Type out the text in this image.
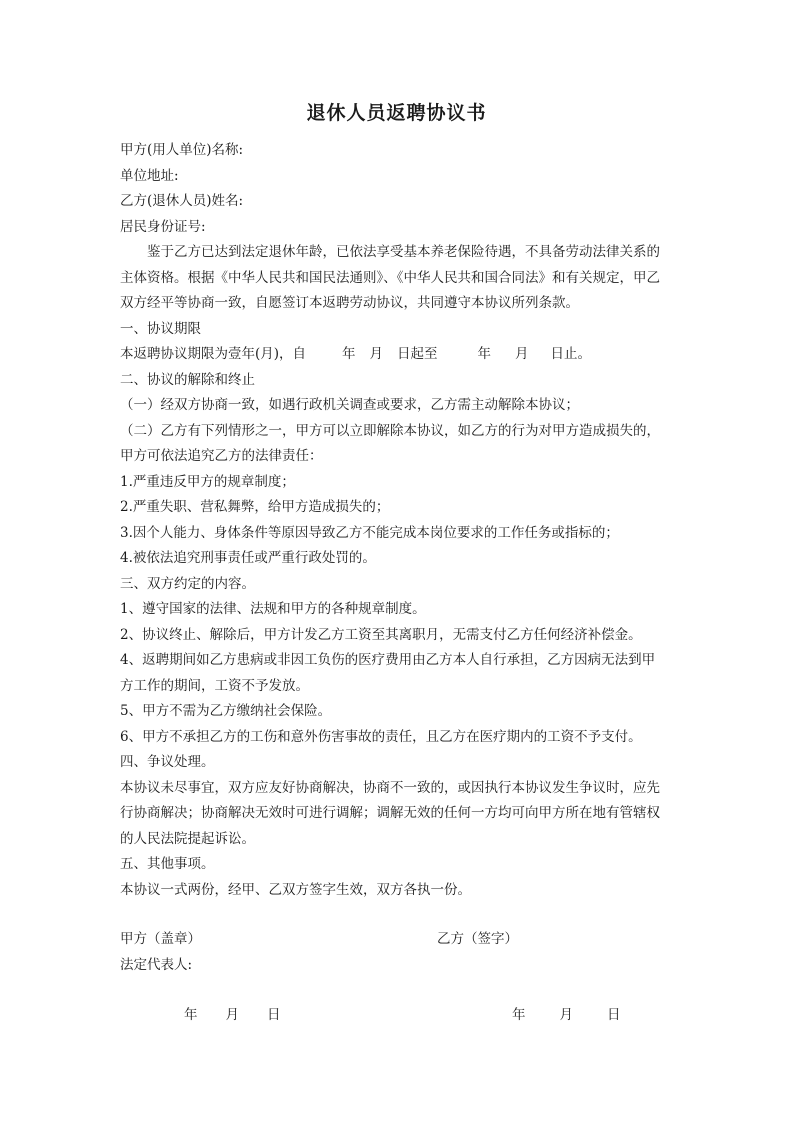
退休人员返聘协议书
甲方(用人单位)名称:
单位地址:
乙方(退休人员)姓名:
居民身份证号:
鉴于乙方已达到法定退休年龄，已依法享受基本养老保险待遇，不具备劳动法律关系的
主体资格。根据《中华人民共和国民法通则》、《中华人民共和国合同法》和有关规定，甲乙
双方经平等协商一致，自愿签订本返聘劳动协议，共同遵守本协议所列条款。
一、协议期限
本返聘协议期限为壹年(月)，自	年 月 日起至	年 月 日止。
二、协议的解除和终止
（一）经双方协商一致，如遇行政机关调查或要求，乙方需主动解除本协议；
（二）乙方有下列情形之一，甲方可以立即解除本协议，如乙方的行为对甲方造成损失的，
甲方可依法追究乙方的法律责任：
1.严重违反甲方的规章制度；
2.严重失职、营私舞弊，给甲方造成损失的；
3.因个人能力、身体条件等原因导致乙方不能完成本岗位要求的工作任务或指标的；
4.被依法追究刑事责任或严重行政处罚的。
三、双方约定的内容。
1、遵守国家的法律、法规和甲方的各种规章制度。
2、协议终止、解除后，甲方计发乙方工资至其离职月，无需支付乙方任何经济补偿金。
4、返聘期间如乙方患病或非因工负伤的医疗费用由乙方本人自行承担，乙方因病无法到甲
方工作的期间，工资不予发放。
5、甲方不需为乙方缴纳社会保险。
6、甲方不承担乙方的工伤和意外伤害事故的责任，且乙方在医疗期内的工资不予支付。
四、争议处理。
本协议未尽事宜，双方应友好协商解决，协商不一致的，或因执行本协议发生争议时，应先
行协商解决；协商解决无效时可进行调解；调解无效的任何一方均可向甲方所在地有管辖权
的人民法院提起诉讼。
五、其他事项。
本协议一式两份，经甲、乙双方签字生效，双方各执一份。
甲方（盖章）	乙方（签字）
法定代表人:
年 月 日	年	月	日
